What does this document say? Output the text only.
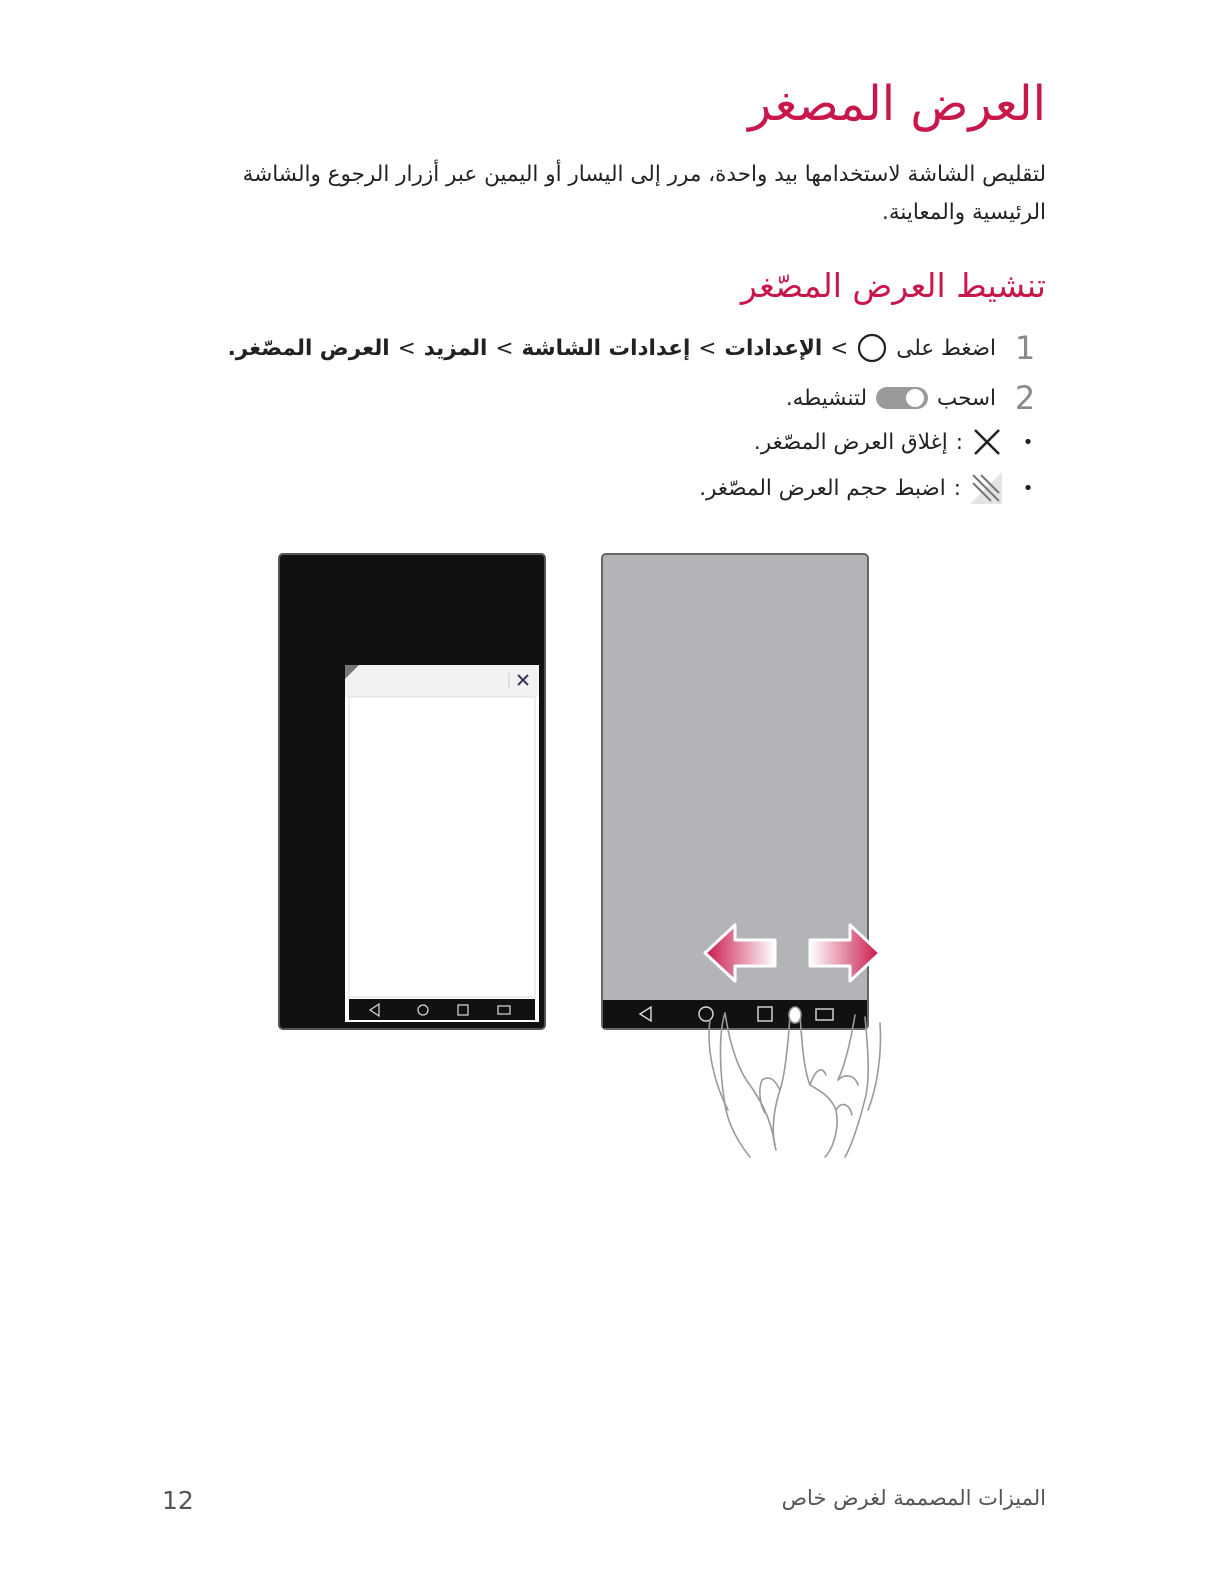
العرض المصغر

لتقليص الشاشة لاستخدامها بيد واحدة، مرر إلى اليسار أو اليمين عبر أزرار الرجوع والشاشة الرئيسية والمعاينة.

تنشيط العرض المصّغر
1
اضغط على
>
الإعدادات
>
إعدادات الشاشة
>
المزيد
>
العرض المصّغر.
2
اسحب
لتنشيطه.
•
:
إغلاق العرض المصّغر.
•
:
اضبط حجم العرض المصّغر.
الميزات المصممة لغرض خاص
12
